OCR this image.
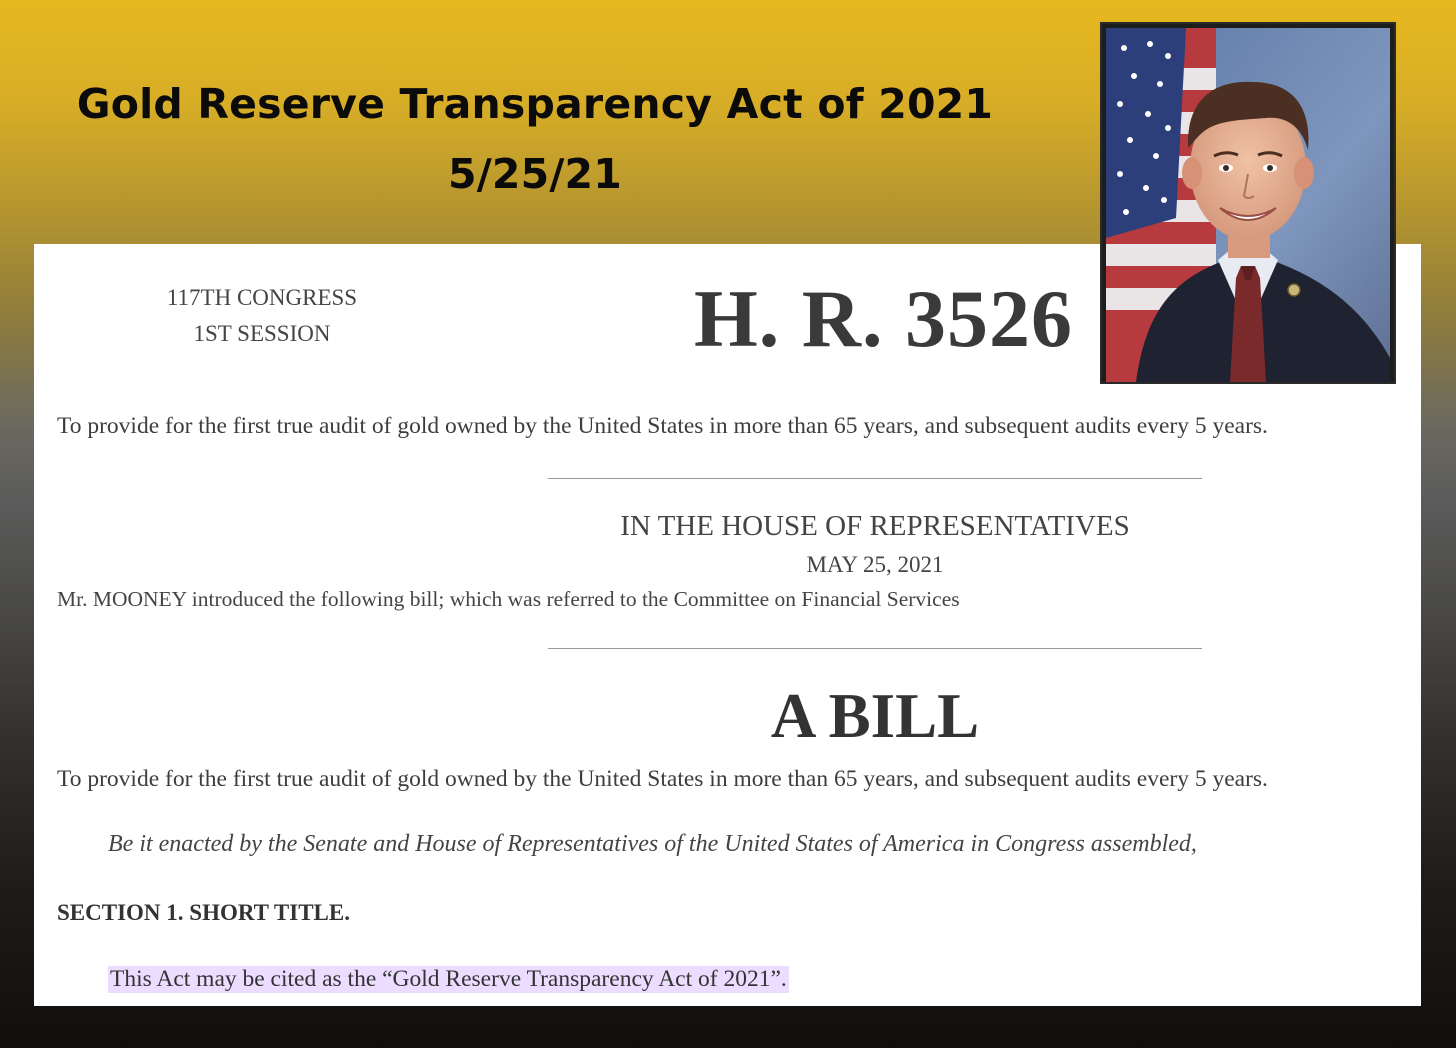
Gold Reserve Transparency Act of 2021
5/25/21
117TH CONGRESS
1ST SESSION	H. R. 3526
To provide for the first true audit of gold owned by the United States in more than 65 years, and subsequent audits every 5 years.
IN THE HOUSE OF REPRESENTATIVES
MAY 25, 2021
Mr. MOONEY introduced the following bill; which was referred to the Committee on Financial Services
A BILL
To provide for the first true audit of gold owned by the United States in more than 65 years, and subsequent audits every 5 years.
Be it enacted by the Senate and House of Representatives of the United States of America in Congress assembled,
SECTION 1. SHORT TITLE.
This Act may be cited as the “Gold Reserve Transparency Act of 2021”.
